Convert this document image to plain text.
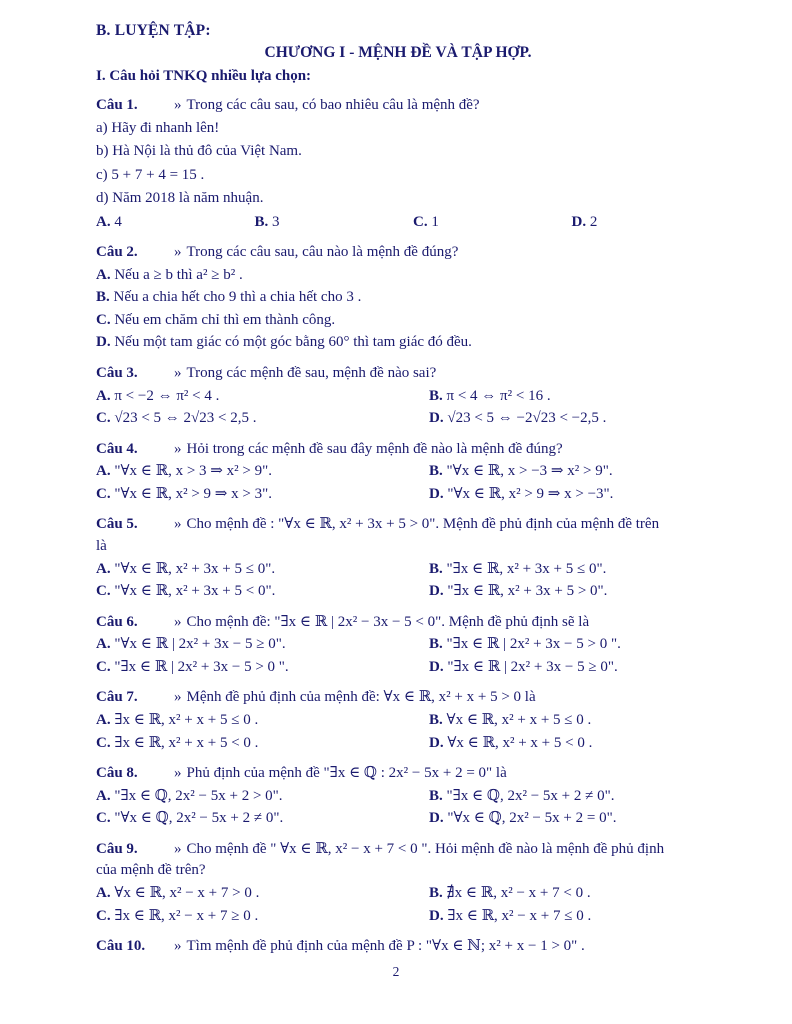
B. LUYỆN TẬP:
CHƯƠNG I - MỆNH ĐỀ VÀ TẬP HỢP.
I. Câu hỏi TNKQ nhiều lựa chọn:
Câu 1.	» Trong các câu sau, có bao nhiêu câu là mệnh đề?
a) Hãy đi nhanh lên!
b) Hà Nội là thủ đô của Việt Nam.
c) 5 + 7 + 4 = 15 .
d) Năm 2018 là năm nhuận.
A. 4	B. 3	C. 1	D. 2
Câu 2.	» Trong các câu sau, câu nào là mệnh đề đúng?
A. Nếu a ≥ b thì a² ≥ b² .
B. Nếu a chia hết cho 9 thì a chia hết cho 3 .
C. Nếu em chăm chỉ thì em thành công.
D. Nếu một tam giác có một góc bằng 60° thì tam giác đó đều.
Câu 3.	» Trong các mệnh đề sau, mệnh đề nào sai?
A. π < −2 ⇔ π² < 4 .	B. π < 4 ⇔ π² < 16 .
C. √23 < 5 ⇔ 2√23 < 2,5 .	D. √23 < 5 ⇔ −2√23 < −2,5 .
Câu 4.	» Hỏi trong các mệnh đề sau đây mệnh đề nào là mệnh đề đúng?
A. "∀x ∈ ℝ, x > 3 ⇒ x² > 9".	B. "∀x ∈ ℝ, x > −3 ⇒ x² > 9".
C. "∀x ∈ ℝ, x² > 9 ⇒ x > 3".	D. "∀x ∈ ℝ, x² > 9 ⇒ x > −3".
Câu 5.	» Cho mệnh đề : "∀x ∈ ℝ, x² + 3x + 5 > 0". Mệnh đề phủ định của mệnh đề trên
là
A. "∀x ∈ ℝ, x² + 3x + 5 ≤ 0".	B. "∃x ∈ ℝ, x² + 3x + 5 ≤ 0".
C. "∀x ∈ ℝ, x² + 3x + 5 < 0".	D. "∃x ∈ ℝ, x² + 3x + 5 > 0".
Câu 6.	» Cho mệnh đề: "∃x ∈ ℝ | 2x² − 3x − 5 < 0". Mệnh đề phủ định sẽ là
A. "∀x ∈ ℝ | 2x² + 3x − 5 ≥ 0".	B. "∃x ∈ ℝ | 2x² + 3x − 5 > 0 ".
C. "∃x ∈ ℝ | 2x² + 3x − 5 > 0 ".	D. "∃x ∈ ℝ | 2x² + 3x − 5 ≥ 0".
Câu 7.	» Mệnh đề phủ định của mệnh đề: ∀x ∈ ℝ, x² + x + 5 > 0 là
A. ∃x ∈ ℝ, x² + x + 5 ≤ 0 .	B. ∀x ∈ ℝ, x² + x + 5 ≤ 0 .
C. ∃x ∈ ℝ, x² + x + 5 < 0 .	D. ∀x ∈ ℝ, x² + x + 5 < 0 .
Câu 8.	» Phủ định của mệnh đề "∃x ∈ ℚ : 2x² − 5x + 2 = 0" là
A. "∃x ∈ ℚ, 2x² − 5x + 2 > 0".	B. "∃x ∈ ℚ, 2x² − 5x + 2 ≠ 0".
C. "∀x ∈ ℚ, 2x² − 5x + 2 ≠ 0".	D. "∀x ∈ ℚ, 2x² − 5x + 2 = 0".
Câu 9.	» Cho mệnh đề " ∀x ∈ ℝ, x² − x + 7 < 0 ". Hỏi mệnh đề nào là mệnh đề phủ định
của mệnh đề trên?
A. ∀x ∈ ℝ, x² − x + 7 > 0 .	B. ∄x ∈ ℝ, x² − x + 7 < 0 .
C. ∃x ∈ ℝ, x² − x + 7 ≥ 0 .	D. ∃x ∈ ℝ, x² − x + 7 ≤ 0 .
Câu 10.	» Tìm mệnh đề phủ định của mệnh đề P : "∀x ∈ ℕ; x² + x − 1 > 0" .
2
